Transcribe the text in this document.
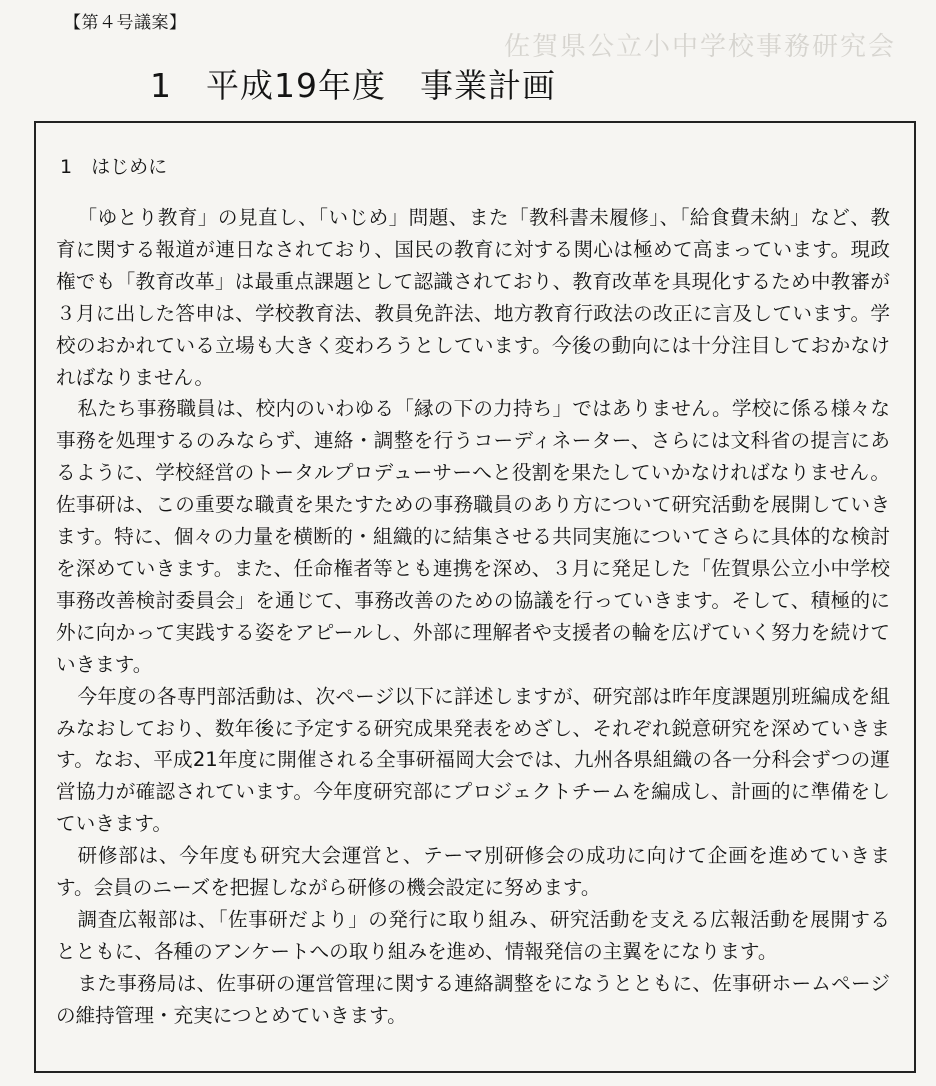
佐賀県公立小中学校事務研究会
【第４号議案】
1　平成19年度　事業計画
1　はじめに

「ゆとり教育」の見直し、「いじめ」問題、また「教科書未履修」、「給食費未納」など、教育に関する報道が連日なされており、国民の教育に対する関心は極めて高まっています。現政権でも「教育改革」は最重点課題として認識されており、教育改革を具現化するため中教審が３月に出した答申は、学校教育法、教員免許法、地方教育行政法の改正に言及しています。学校のおかれている立場も大きく変わろうとしています。今後の動向には十分注目しておかなければなりません。

私たち事務職員は、校内のいわゆる「縁の下の力持ち」ではありません。学校に係る様々な事務を処理するのみならず、連絡・調整を行うコーディネーター、さらには文科省の提言にあるように、学校経営のトータルプロデューサーへと役割を果たしていかなければなりません。佐事研は、この重要な職責を果たすための事務職員のあり方について研究活動を展開していきます。特に、個々の力量を横断的・組織的に結集させる共同実施についてさらに具体的な検討を深めていきます。また、任命権者等とも連携を深め、３月に発足した「佐賀県公立小中学校事務改善検討委員会」を通じて、事務改善のための協議を行っていきます。そして、積極的に外に向かって実践する姿をアピールし、外部に理解者や支援者の輪を広げていく努力を続けていきます。

今年度の各専門部活動は、次ページ以下に詳述しますが、研究部は昨年度課題別班編成を組みなおしており、数年後に予定する研究成果発表をめざし、それぞれ鋭意研究を深めていきます。なお、平成21年度に開催される全事研福岡大会では、九州各県組織の各一分科会ずつの運営協力が確認されています。今年度研究部にプロジェクトチームを編成し、計画的に準備をしていきます。

研修部は、今年度も研究大会運営と、テーマ別研修会の成功に向けて企画を進めていきます。会員のニーズを把握しながら研修の機会設定に努めます。

調査広報部は、「佐事研だより」の発行に取り組み、研究活動を支える広報活動を展開するとともに、各種のアンケートへの取り組みを進め、情報発信の主翼をになります。

また事務局は、佐事研の運営管理に関する連絡調整をになうとともに、佐事研ホームページの維持管理・充実につとめていきます。
